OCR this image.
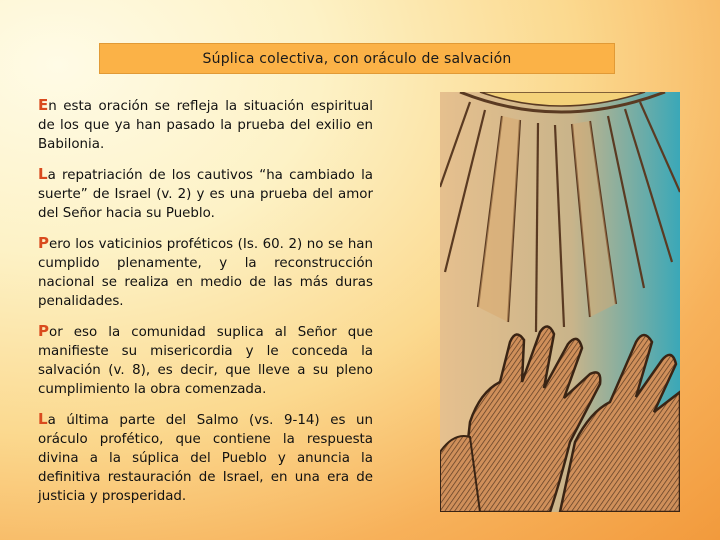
Súplica colectiva, con oráculo de salvación

En esta oración se refleja la situación espiritual de los que ya han pasado la prueba del exilio en Babilonia.

La repatriación de los cautivos “ha cambiado la suerte” de Israel (v. 2) y es una prueba del amor del Señor hacia su Pueblo.

Pero los vaticinios proféticos (Is. 60. 2) no se han cumplido plenamente, y la reconstrucción nacional se realiza en medio de las más duras penalidades.

Por eso la comunidad suplica al Señor que manifieste su misericordia y le conceda la salvación (v. 8), es decir, que lleve a su pleno cumplimiento la obra comenzada.

La última parte del Salmo (vs. 9-14) es un oráculo profético, que contiene la respuesta divina a la súplica del Pueblo y anuncia la definitiva restauración de Israel, en una era de justicia y prosperidad.
